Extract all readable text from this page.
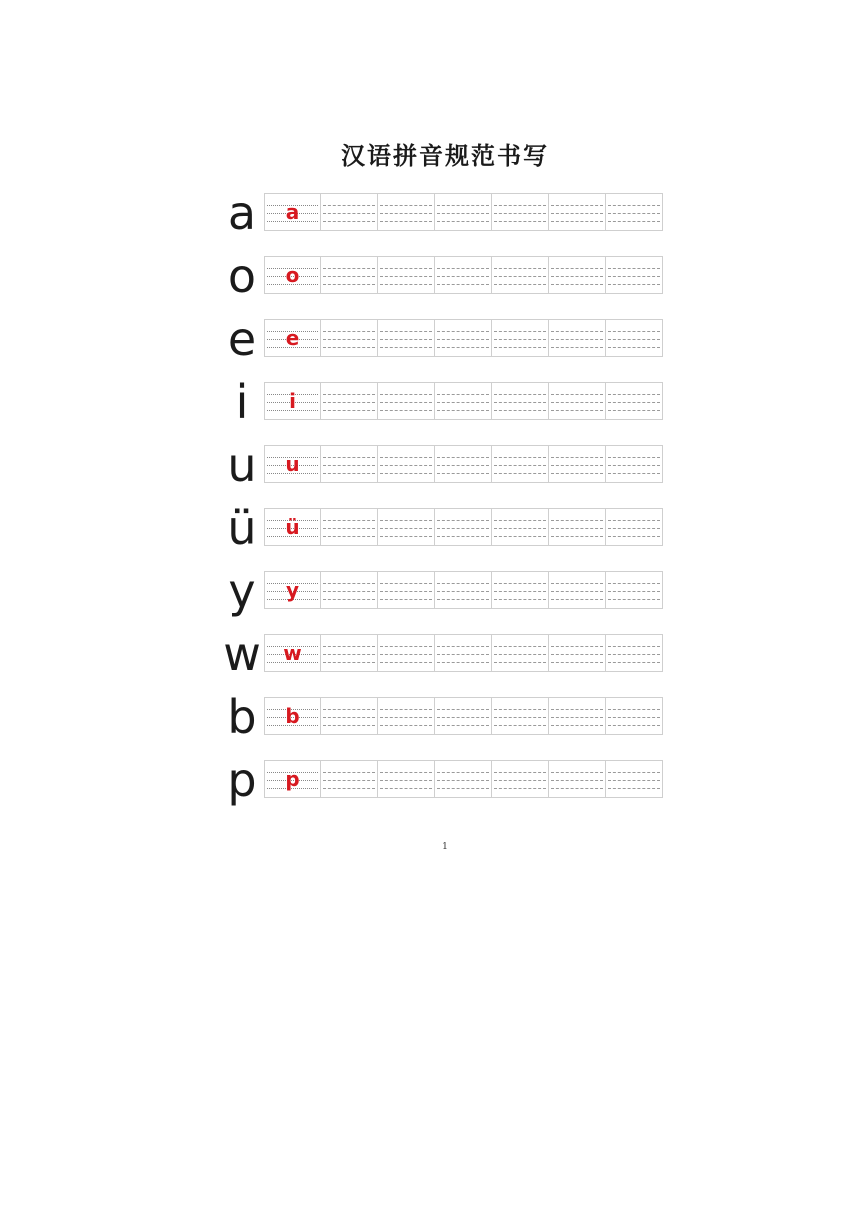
汉语拼音规范书写
a	a
o	o
e	e
i	i
u	u
ü	ü
y	y
w	w
b	b
p	p
1
